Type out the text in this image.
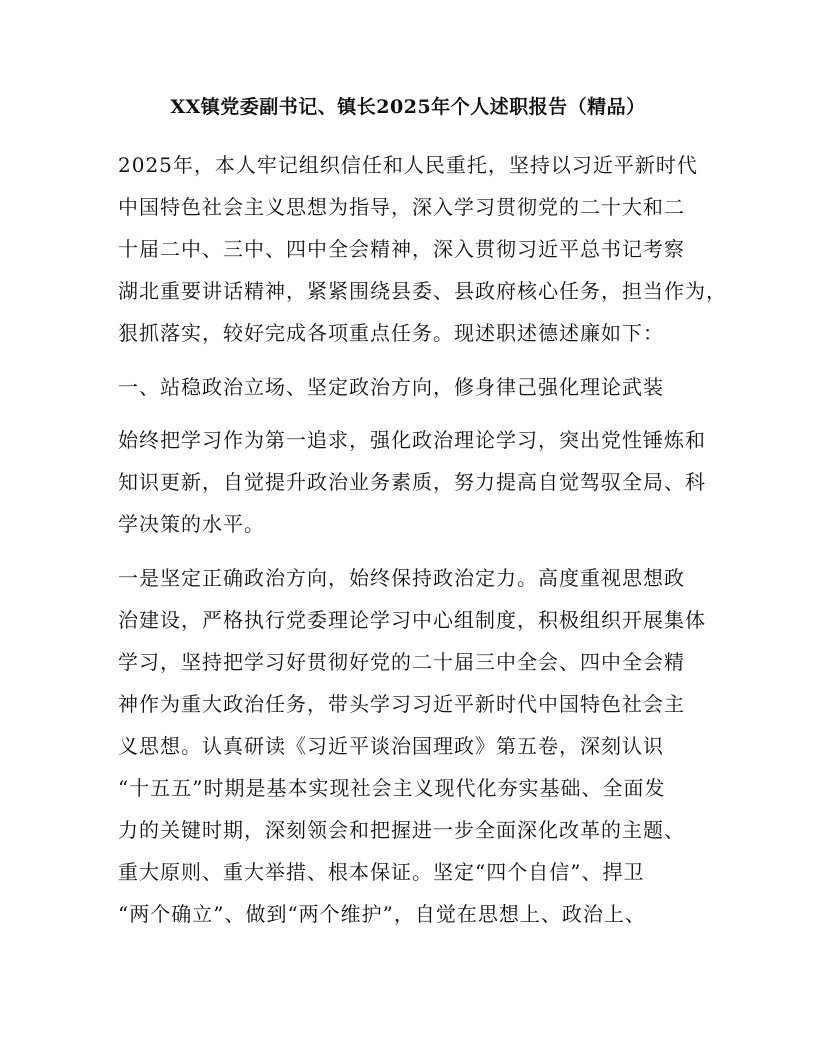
XX镇党委副书记、镇长2025年个人述职报告（精品）
2025年，本人牢记组织信任和人民重托，坚持以习近平新时代
中国特色社会主义思想为指导，深入学习贯彻党的二十大和二
十届二中、三中、四中全会精神，深入贯彻习近平总书记考察
湖北重要讲话精神，紧紧围绕县委、县政府核心任务，担当作为，
狠抓落实，较好完成各项重点任务。现述职述德述廉如下：
一、站稳政治立场、坚定政治方向，修身律己强化理论武装
始终把学习作为第一追求，强化政治理论学习，突出党性锤炼和
知识更新，自觉提升政治业务素质，努力提高自觉驾驭全局、科
学决策的水平。
一是坚定正确政治方向，始终保持政治定力。高度重视思想政
治建设，严格执行党委理论学习中心组制度，积极组织开展集体
学习，坚持把学习好贯彻好党的二十届三中全会、四中全会精
神作为重大政治任务，带头学习习近平新时代中国特色社会主
义思想。认真研读《习近平谈治国理政》第五卷，深刻认识
“十五五”时期是基本实现社会主义现代化夯实基础、全面发
力的关键时期，深刻领会和把握进一步全面深化改革的主题、
重大原则、重大举措、根本保证。坚定“四个自信”、捍卫
“两个确立”、做到“两个维护”，自觉在思想上、政治上、
